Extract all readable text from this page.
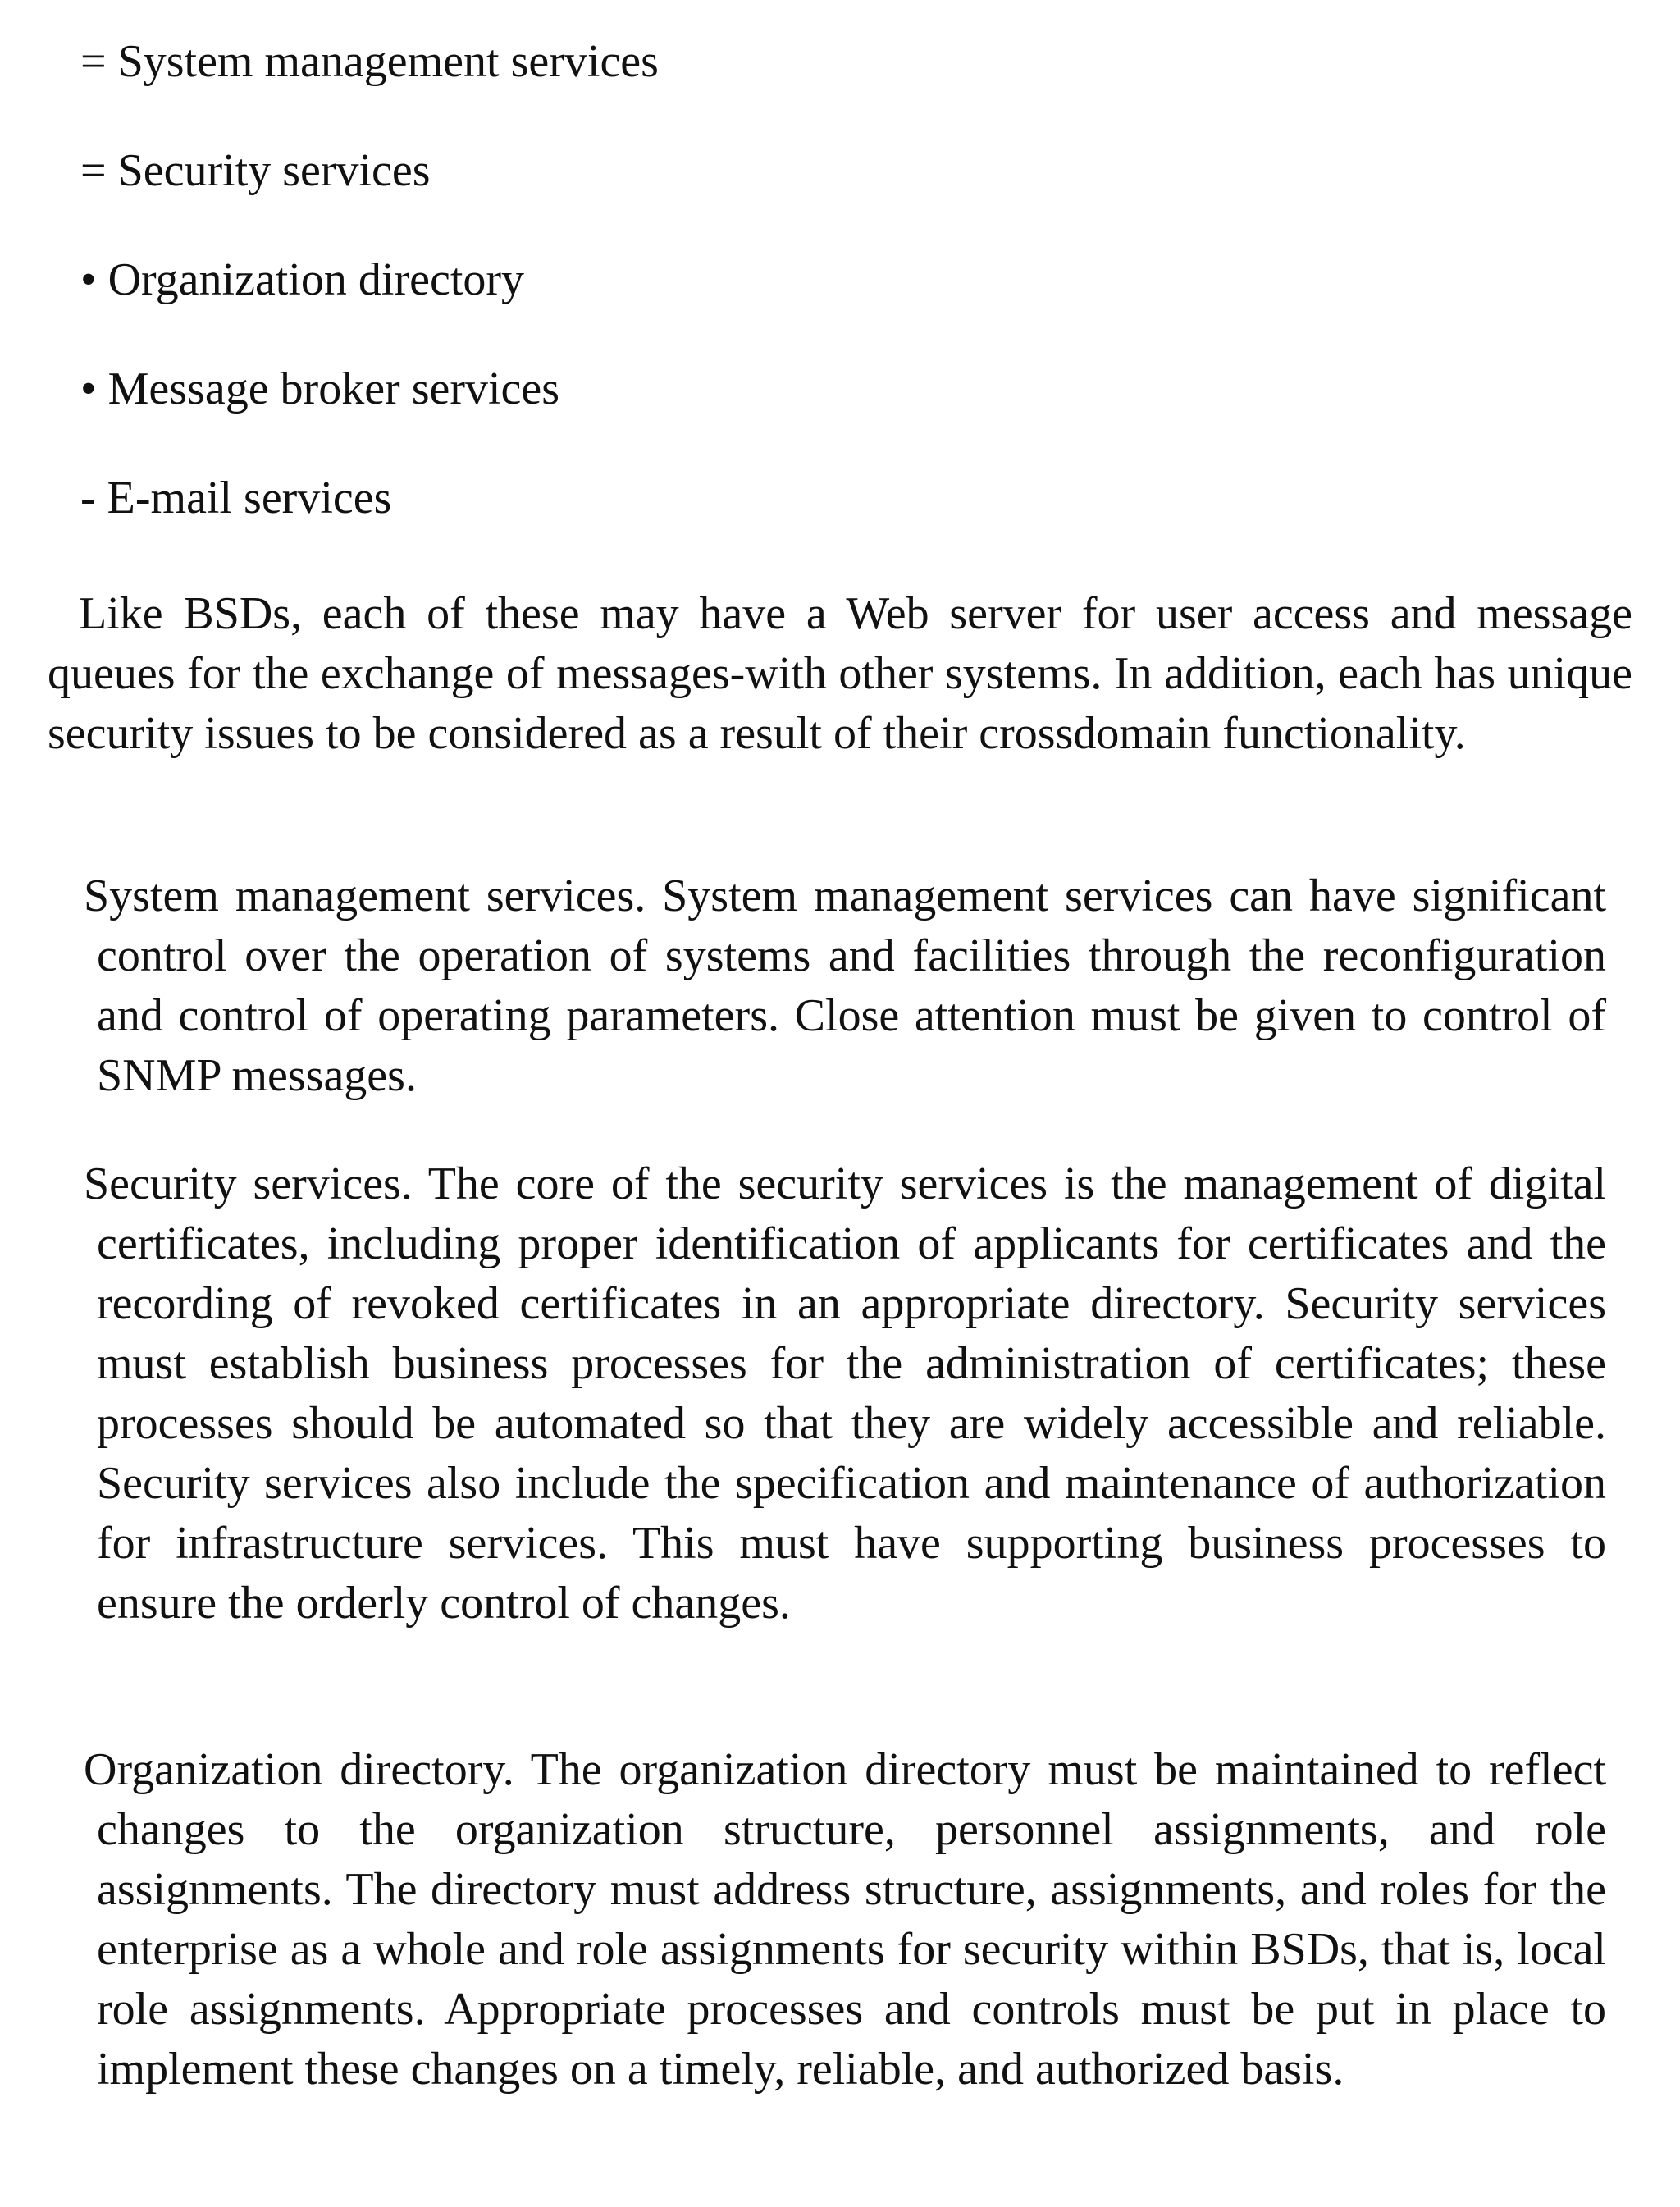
= System management services
= Security services
• Organization directory
• Message broker services
- E-mail services

Like BSDs, each of these may have a Web server for user access and message queues for the exchange of messages-with other systems. In addition, each has unique security issues to be considered as a result of their crossdomain functionality.

System management services. System management services can have significant control over the operation of systems and facilities through the reconfiguration and control of operating parameters. Close attention must be given to control of SNMP messages.

Security services. The core of the security services is the management of digital certificates, including proper identification of applicants for certificates and the recording of revoked certificates in an appropriate directory. Security services must establish business processes for the administration of certificates; these processes should be automated so that they are widely accessible and reliable. Security services also include the specification and maintenance of authorization for infrastructure services. This must have supporting business processes to ensure the orderly control of changes.

Organization directory. The organization directory must be maintained to reflect changes to the organization structure, personnel assignments, and role assignments. The directory must address structure, assignments, and roles for the enterprise as a whole and role assignments for security within BSDs, that is, local role assignments. Appropriate processes and controls must be put in place to implement these changes on a timely, reliable, and authorized basis.
